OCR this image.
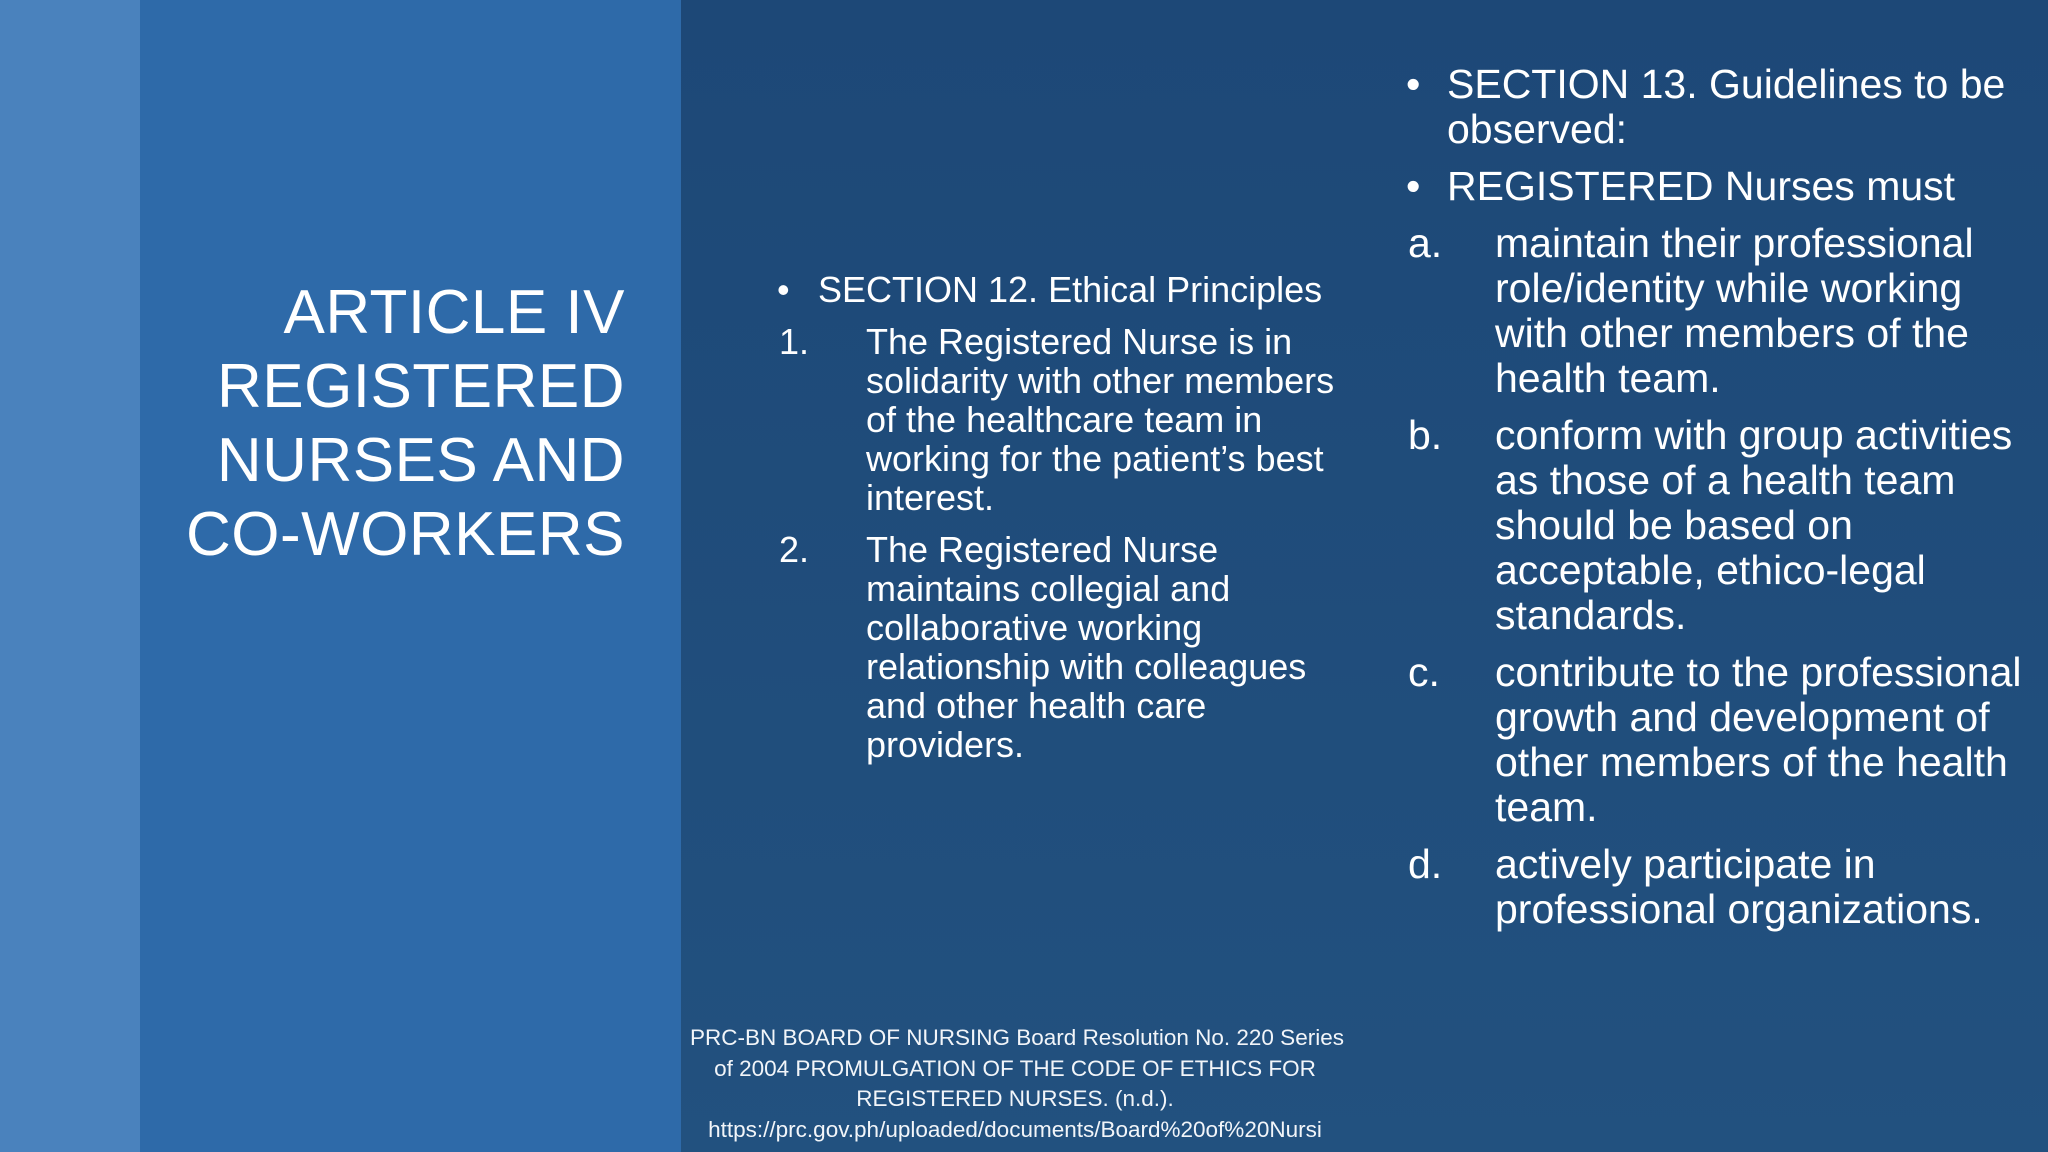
ARTICLE IV
REGISTERED
NURSES AND
CO-WORKERS
• SECTION 12. Ethical Principles
1. The Registered Nurse is in solidarity with other members of the healthcare team in working for the patient’s best interest.
2. The Registered Nurse maintains collegial and collaborative working relationship with colleagues and other health care providers.
• SECTION 13. Guidelines to be observed:
• REGISTERED Nurses must
a. maintain their professional role/identity while working with other members of the health team.
b. conform with group activities as those of a health team should be based on acceptable, ethico-legal standards.
c. contribute to the professional growth and development of other members of the health team.
d. actively participate in professional organizations.
PRC-BN BOARD OF NURSING Board Resolution No. 220 Series
of 2004 PROMULGATION OF THE CODE OF ETHICS FOR
REGISTERED NURSES. (n.d.).
https://prc.gov.ph/uploaded/documents/Board%20of%20Nursi
